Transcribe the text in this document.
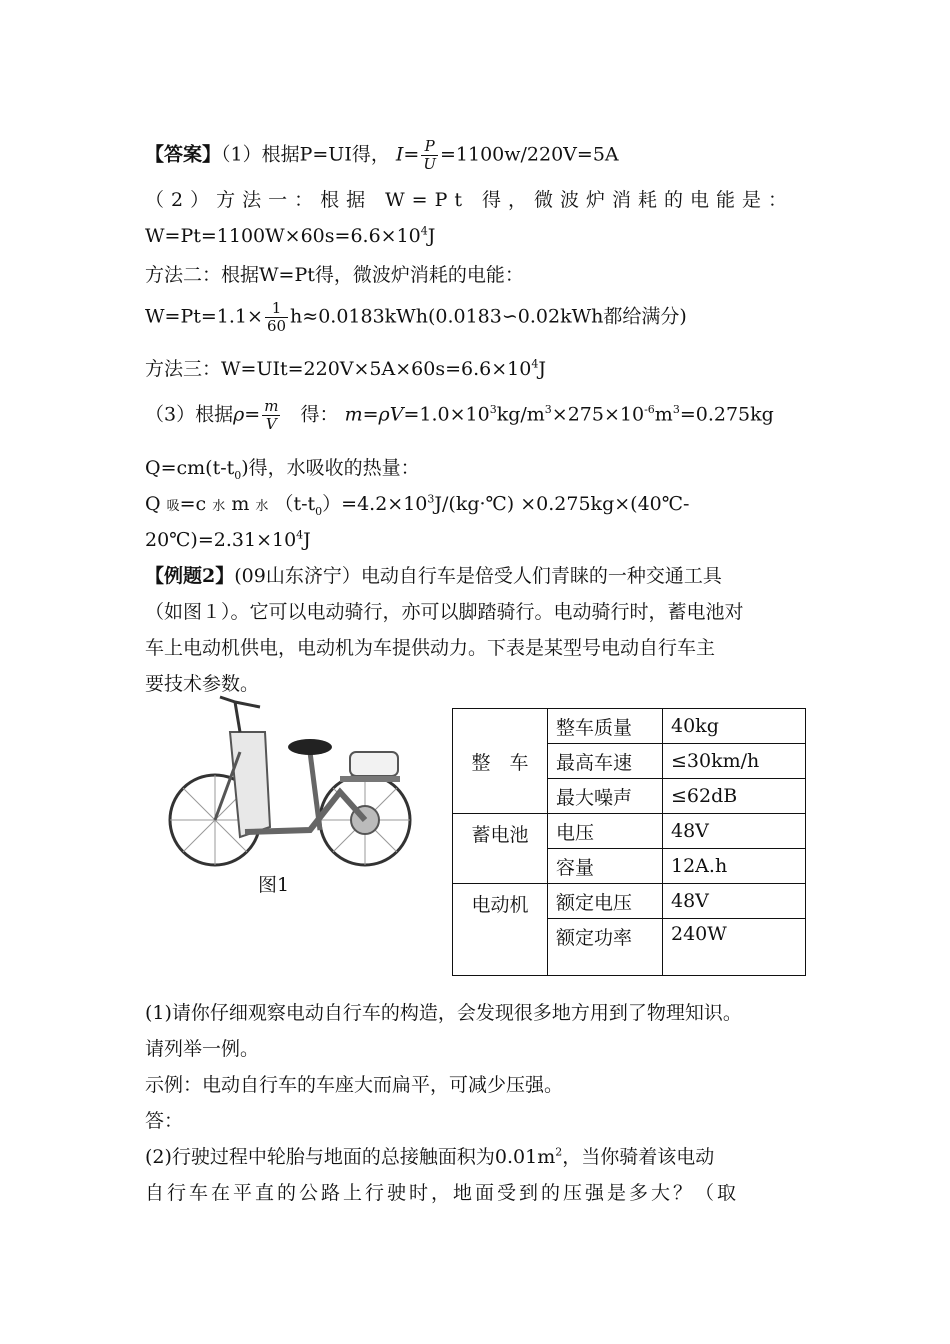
【答案】（1）根据P=UI得， $I= \frac{P}{U} =1100w/220V=5A$
（2）方法一：根据 W=Pt 得，微波炉消耗的电能是：
$W=Pt=1100W\times 60s=6.6\times 10^4J$
方法二：根据W=Pt得，微波炉消耗的电能：
$W=Pt=1.1\times \frac{1}{60}$ h≈0.0183kWh(0.0183∽0.02kWh都给满分)
方法三：$W=UIt=220V\times 5A\times 60s=6.6\times 10^4J$
（3）根据$\rho= \frac{m}{V}$ 得： $m=\rho V=1.0\times 10^3kg/m^3\times 275\times 10^{-6}m^3=0.275kg$
$Q=cm(t-t_0)$得，水吸收的热量：
Q 吸=c 水 m 水 $(t-t_0)=4.2\times 10^3J/(kg\cdot℃)$ ×0.275kg×(40℃-
$20℃)=2.31\times 10^4J$
【例题2】(09山东济宁）电动自行车是倍受人们青睐的一种交通工具
（如图１）。它可以电动骑行，亦可以脚踏骑行。电动骑行时，蓄电池对
车上电动机供电，电动机为车提供动力。下表是某型号电动自行车主
要技术参数。
图1
整　车	整车质量	40kg
	最高车速	≤30km/h
	最大噪声	≤62dB
蓄电池	电压	48V
	容量	12A.h
电动机	额定电压	48V
	额定功率	240W
(1)请你仔细观察电动自行车的构造，会发现很多地方用到了物理知识。
请列举一例。
示例：电动自行车的车座大而扁平，可减少压强。
答：
(2)行驶过程中轮胎与地面的总接触面积为$0.01m^2$，当你骑着该电动
自行车在平直的公路上行驶时，地面受到的压强是多大？（取
